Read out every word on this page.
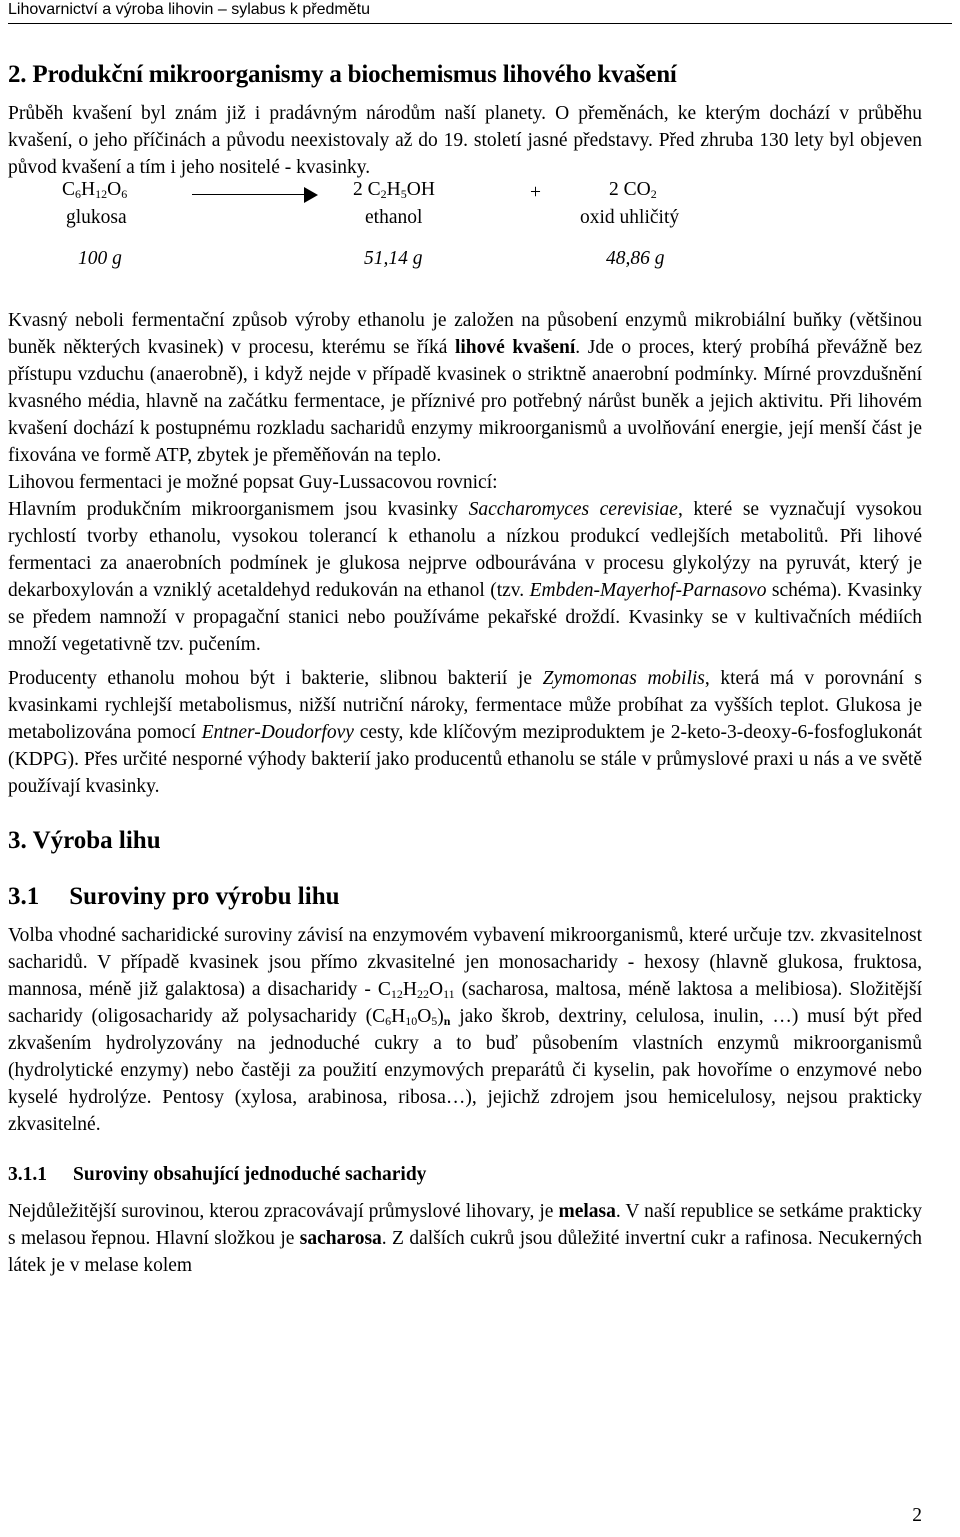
Lihovarnictví a výroba lihovin – sylabus k předmětu
2. Produkční mikroorganismy a biochemismus lihového kvašení

Průběh kvašení byl znám již i pradávným národům naší planety. O přeměnách, ke kterým dochází v průběhu kvašení, o jeho příčinách a původu neexistovaly až do 19. století jasné představy. Před zhruba 130 lety byl objeven původ kvašení a tím i jeho nositelé - kvasinky.

$C_6H_{12}O_6$	2 $C_2H_5OH$	+	2 $CO_2$
glukosa	ethanol	oxid uhličitý
100 g	51,14 g	48,86 g

Kvasný neboli fermentační způsob výroby ethanolu je založen na působení enzymů mikrobiální buňky (většinou buněk některých kvasinek) v procesu, kterému se říká lihové kvašení. Jde o proces, který probíhá převážně bez přístupu vzduchu (anaerobně), i když nejde v případě kvasinek o striktně anaerobní podmínky. Mírné provzdušnění kvasného média, hlavně na začátku fermentace, je příznivé pro potřebný nárůst buněk a jejich aktivitu. Při lihovém kvašení dochází k postupnému rozkladu sacharidů enzymy mikroorganismů a uvolňování energie, její menší část je fixována ve formě ATP, zbytek je přeměňován na teplo.

Lihovou fermentaci je možné popsat Guy-Lussacovou rovnicí:

Hlavním produkčním mikroorganismem jsou kvasinky Saccharomyces cerevisiae, které se vyznačují vysokou rychlostí tvorby ethanolu, vysokou tolerancí k ethanolu a nízkou produkcí vedlejších metabolitů. Při lihové fermentaci za anaerobních podmínek je glukosa nejprve odbourávána v procesu glykolýzy na pyruvát, který je dekarboxylován a vzniklý acetaldehyd redukován na ethanol (tzv. Embden-Mayerhof-Parnasovo schéma). Kvasinky se předem namnoží v propagační stanici nebo používáme pekařské droždí. Kvasinky se v kultivačních médiích množí vegetativně tzv. pučením.

Producenty ethanolu mohou být i bakterie, slibnou bakterií je Zymomonas mobilis, která má v porovnání s kvasinkami rychlejší metabolismus, nižší nutriční nároky, fermentace může probíhat za vyšších teplot. Glukosa je metabolizována pomocí Entner-Doudorfovy cesty, kde klíčovým meziproduktem je 2-keto-3-deoxy-6-fosfoglukonát (KDPG). Přes určité nesporné výhody bakterií jako producentů ethanolu se stále v průmyslové praxi u nás a ve světě používají kvasinky.

3. Výroba lihu
3.1 Suroviny pro výrobu lihu

Volba vhodné sacharidické suroviny závisí na enzymovém vybavení mikroorganismů, které určuje tzv. zkvasitelnost sacharidů. V případě kvasinek jsou přímo zkvasitelné jen monosacharidy - hexosy (hlavně glukosa, fruktosa, mannosa, méně již galaktosa) a disacharidy - $C_{12}H_{22}O_{11}$ (sacharosa, maltosa, méně laktosa a melibiosa). Složitější sacharidy (oligosacharidy až polysacharidy $(C_6H_{10}O_5)_n$ jako škrob, dextriny, celulosa, inulin, …) musí být před zkvašením hydrolyzovány na jednoduché cukry a to buď působením vlastních enzymů mikroorganismů (hydrolytické enzymy) nebo častěji za použití enzymových preparátů či kyselin, pak hovoříme o enzymové nebo kyselé hydrolýze. Pentosy (xylosa, arabinosa, ribosa…), jejichž zdrojem jsou hemicelulosy, nejsou prakticky zkvasitelné.

3.1.1 Suroviny obsahující jednoduché sacharidy

Nejdůležitější surovinou, kterou zpracovávají průmyslové lihovary, je melasa. V naší republice se setkáme prakticky s melasou řepnou. Hlavní složkou je sacharosa. Z dalších cukrů jsou důležité invertní cukr a rafinosa. Necukerných látek je v melase kolem

2
